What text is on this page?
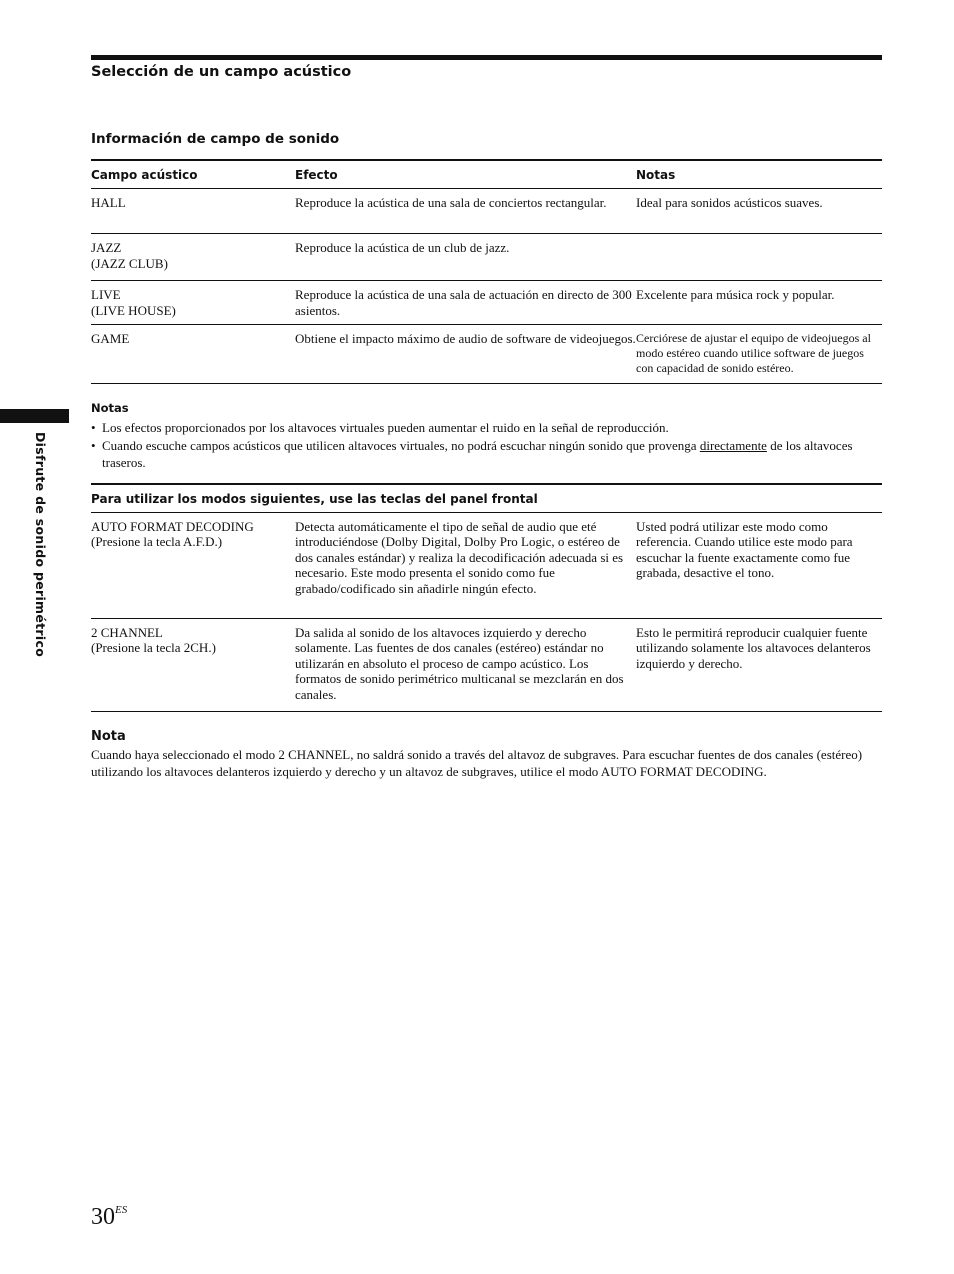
Selección de un campo acústico
Información de campo de sonido
Disfrute de sonido perimétrico
Campo acústico	Efecto	Notas

HALL	Reproduce la acústica de una sala de conciertos rectangular.	Ideal para sonidos acústicos suaves.

JAZZ
(JAZZ CLUB)	Reproduce la acústica de un club de jazz.	

LIVE
(LIVE HOUSE)	Reproduce la acústica de una sala de actuación en directo de 300 asientos.	Excelente para música rock y popular.

GAME	Obtiene el impacto máximo de audio de software de videojuegos.	Cerciórese de ajustar el equipo de videojuegos al modo estéreo cuando utilice software de juegos con capacidad de sonido estéreo.

Notas

• Los efectos proporcionados por los altavoces virtuales pueden aumentar el ruido en la señal de reproducción.
• Cuando escuche campos acústicos que utilicen altavoces virtuales, no podrá escuchar ningún sonido que provenga directamente de los altavoces traseros.
Para utilizar los modos siguientes, use las teclas del panel frontal		

AUTO FORMAT DECODING
(Presione la tecla A.F.D.)	Detecta automáticamente el tipo de señal de audio que eté introduciéndose (Dolby Digital, Dolby Pro Logic, o estéreo de dos canales estándar) y realiza la decodificación adecuada si es necesario. Este modo presenta el sonido como fue grabado/codificado sin añadirle ningún efecto.	Usted podrá utilizar este modo como referencia. Cuando utilice este modo para escuchar la fuente exactamente como fue grabada, desactive el tono.

2 CHANNEL
(Presione la tecla 2CH.)	Da salida al sonido de los altavoces izquierdo y derecho solamente. Las fuentes de dos canales (estéreo) estándar no utilizarán en absoluto el proceso de campo acústico. Los formatos de sonido perimétrico multicanal se mezclarán en dos canales.	Esto le permitirá reproducir cualquier fuente utilizando solamente los altavoces delanteros izquierdo y derecho.

Nota

Cuando haya seleccionado el modo 2 CHANNEL, no saldrá sonido a través del altavoz de subgraves. Para escuchar fuentes de dos canales (estéreo) utilizando los altavoces delanteros izquierdo y derecho y un altavoz de subgraves, utilice el modo AUTO FORMAT DECODING.

$30^{ES}$
